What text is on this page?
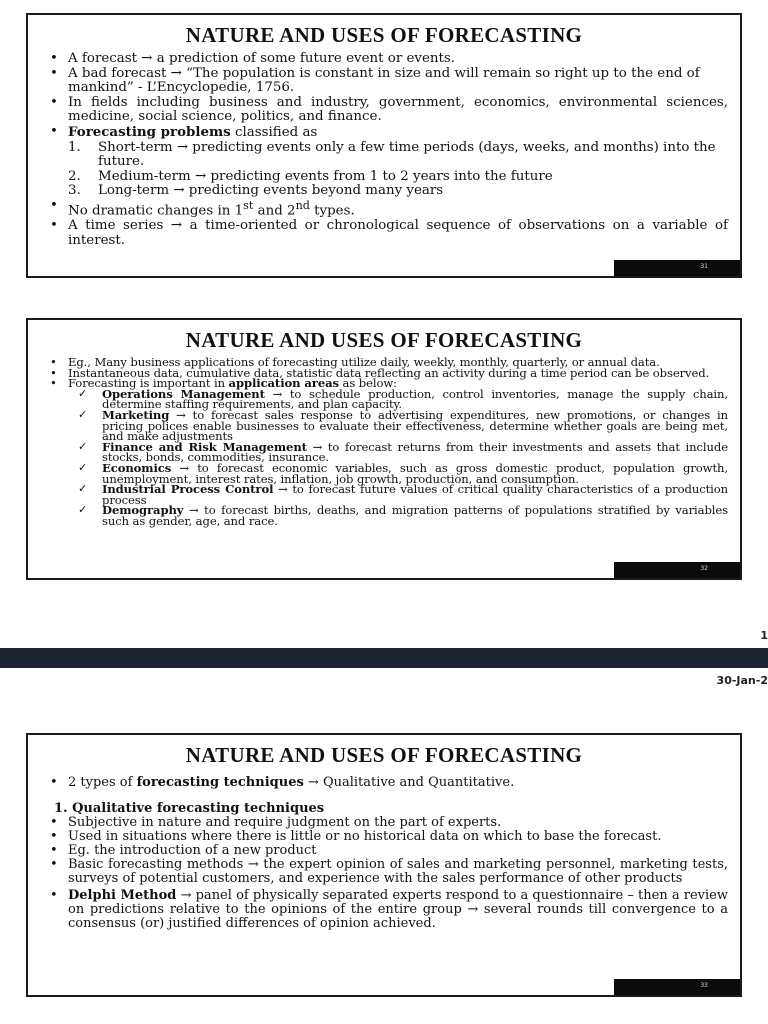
NATURE AND USES OF FORECASTING
• A forecast → a prediction of some future event or events.
• A bad forecast → “The population is constant in size and will remain so right up to the end of mankind” - L’Encyclopedie, 1756.
• In fields including business and industry, government, economics, environmental sciences, medicine, social science, politics, and finance.
• Forecasting problems classified as
1. Short-term → predicting events only a few time periods (days, weeks, and months) into the future.
2. Medium-term → predicting events from 1 to 2 years into the future
3. Long-term → predicting events beyond many years
• No dramatic changes in 1st and 2nd types.
• A time series → a time-oriented or chronological sequence of observations on a variable of interest.
31
NATURE AND USES OF FORECASTING
• Eg., Many business applications of forecasting utilize daily, weekly, monthly, quarterly, or annual data.
• Instantaneous data, cumulative data, statistic data reflecting an activity during a time period can be observed.
• Forecasting is important in application areas as below:
✓ Operations Management → to schedule production, control inventories, manage the supply chain, determine staffing requirements, and plan capacity.
✓ Marketing → to forecast sales response to advertising expenditures, new promotions, or changes in pricing polices enable businesses to evaluate their effectiveness, determine whether goals are being met, and make adjustments
✓ Finance and Risk Management → to forecast returns from their investments and assets that include stocks, bonds, commodities, insurance.
✓ Economics → to forecast economic variables, such as gross domestic product, population growth, unemployment, interest rates, inflation, job growth, production, and consumption.
✓ Industrial Process Control → to forecast future values of critical quality characteristics of a production process
✓ Demography → to forecast births, deaths, and migration patterns of populations stratified by variables such as gender, age, and race.
32
1
30-Jan-2
NATURE AND USES OF FORECASTING
• 2 types of forecasting techniques → Qualitative and Quantitative.
1. Qualitative forecasting techniques
• Subjective in nature and require judgment on the part of experts.
• Used in situations where there is little or no historical data on which to base the forecast.
• Eg. the introduction of a new product
• Basic forecasting methods → the expert opinion of sales and marketing personnel, marketing tests, surveys of potential customers, and experience with the sales performance of other products
• Delphi Method → panel of physically separated experts respond to a questionnaire – then a review on predictions relative to the opinions of the entire group → several rounds till convergence to a consensus (or) justified differences of opinion achieved.
33
